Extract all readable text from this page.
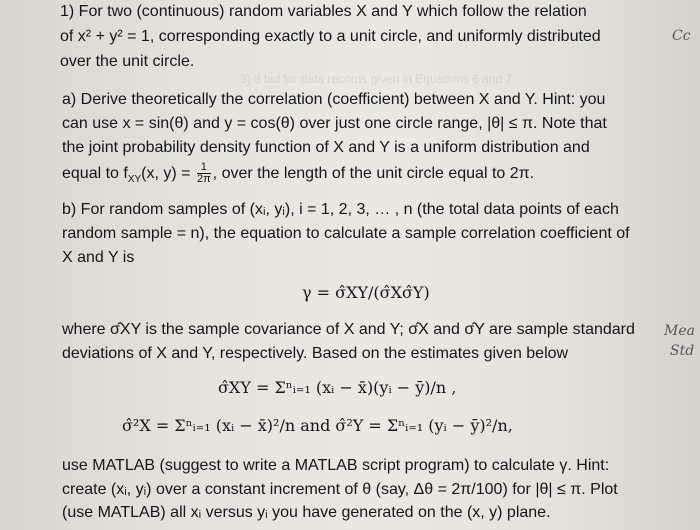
3) 8 bid for data records given in Equations 6 and 7
1) For two (continuous) random variables X and Y which follow the relation
of x² + y² = 1, corresponding exactly to a unit circle, and uniformly distributed
over the unit circle.
a) Derive theoretically the correlation (coefficient) between X and Y. Hint: you
can use x = sin(θ) and y = cos(θ) over just one circle range, |θ| ≤ π. Note that
the joint probability density function of X and Y is a uniform distribution and
equal to $f_{XY}(x$, $y) = \frac{1}{2\pi}$ , over the length of the unit circle equal to 2π.
b) For random samples of (xᵢ, yᵢ), i = 1, 2, 3, … , n (the total data points of each
random sample = n), the equation to calculate a sample correlation coefficient of
X and Y is
γ = σ̂XY/(σ̂Xσ̂Y)
where σ̂XY is the sample covariance of X and Y; σ̂X and σ̂Y are sample standard
deviations of X and Y, respectively. Based on the estimates given below
σ̂XY = Σⁿᵢ₌₁ (xᵢ − x̄)(yᵢ − ȳ)/n ,
σ̂²X = Σⁿᵢ₌₁ (xᵢ − x̄)²/n and σ̂²Y = Σⁿᵢ₌₁ (yᵢ − ȳ)²/n,
use MATLAB (suggest to write a MATLAB script program) to calculate γ. Hint:
create (xᵢ, yᵢ) over a constant increment of θ (say, Δθ = 2π/100) for |θ| ≤ π. Plot
(use MATLAB) all xᵢ versus yᵢ you have generated on the (x, y) plane.
Cc
Mea
Std
